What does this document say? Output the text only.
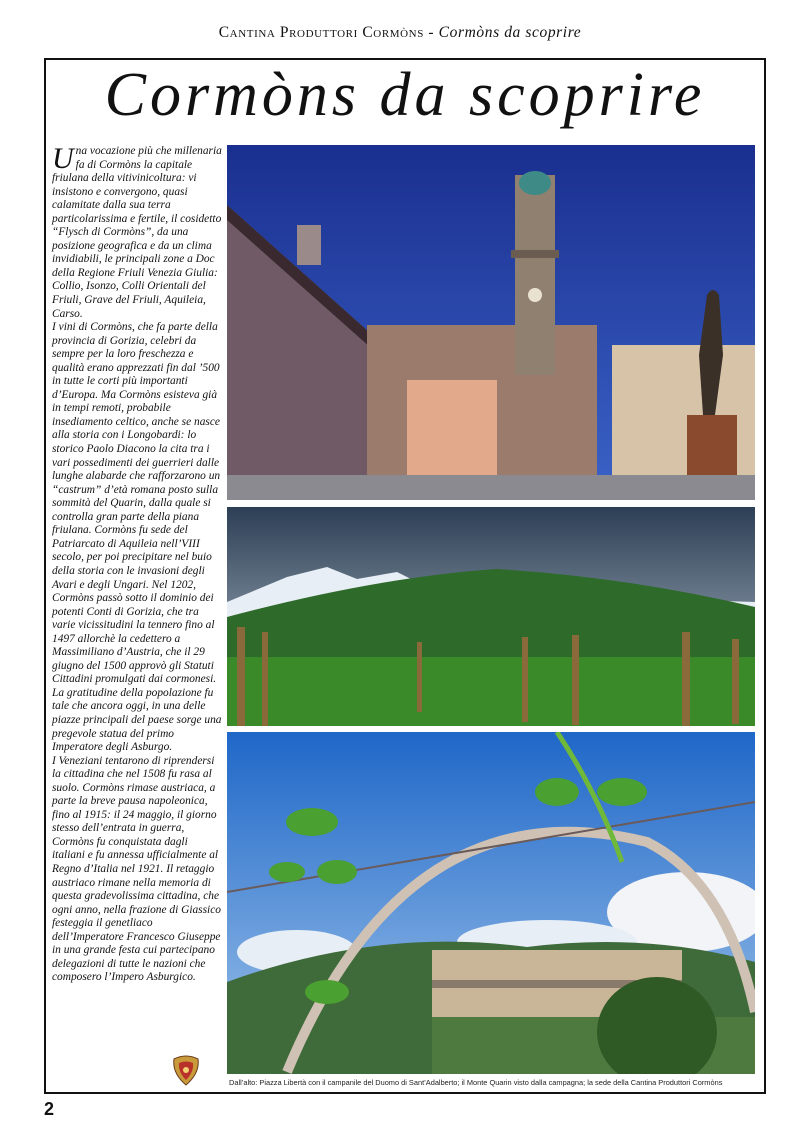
Cantina Produttori Cormòns - Cormòns da scoprire
Cormòns da scoprire

Una vocazione più che millenaria fa di Cormòns la capitale friulana della vitivinicoltura: vi insistono e convergono, quasi calamitate dalla sua terra particolarissima e fertile, il cosidetto “Flysch di Cormòns”, da una posizione geografica e da un clima invidiabili, le principali zone a Doc della Regione Friuli Venezia Giulia: Collio, Isonzo, Colli Orientali del Friuli, Grave del Friuli, Aquileia, Carso.

I vini di Cormòns, che fa parte della provincia di Gorizia, celebri da sempre per la loro freschezza e qualità erano apprezzati fin dal ’500 in tutte le corti più importanti d’Europa. Ma Cormòns esisteva già in tempi remoti, probabile insediamento celtico, anche se nasce alla storia con i Longobardi: lo storico Paolo Diacono la cita tra i vari possedimenti dei guerrieri dalle lunghe alabarde che rafforzarono un “castrum” d’età romana posto sulla sommità del Quarin, dalla quale si controlla gran parte della piana friulana. Cormòns fu sede del Patriarcato di Aquileia nell’VIII secolo, per poi precipitare nel buio della storia con le invasioni degli Avari e degli Ungari. Nel 1202, Cormòns passò sotto il dominio dei potenti Conti di Gorizia, che tra varie vicissitudini la tennero fino al 1497 allorchè la cedettero a Massimiliano d’Austria, che il 29 giugno del 1500 approvò gli Statuti Cittadini promulgati dai cormonesi. La gratitudine della popolazione fu tale che ancora oggi, in una delle piazze principali del paese sorge una pregevole statua del primo Imperatore degli Asburgo.

I Veneziani tentarono di riprendersi la cittadina che nel 1508 fu rasa al suolo. Cormòns rimase austriaca, a parte la breve pausa napoleonica, fino al 1915: il 24 maggio, il giorno stesso dell’entrata in guerra, Cormòns fu conquistata dagli italiani e fu annessa ufficialmente al Regno d’Italia nel 1921. Il retaggio austriaco rimane nella memoria di questa gradevolissima cittadina, che ogni anno, nella frazione di Giassico festeggia il genetliaco dell’Imperatore Francesco Giuseppe in una grande festa cui partecipano delegazioni di tutte le nazioni che composero l’Impero Asburgico.

Dall’alto: Piazza Libertà con il campanile del Duomo di Sant’Adalberto; il Monte Quarin visto dalla campagna; la sede della Cantina Produttori Cormòns
2
